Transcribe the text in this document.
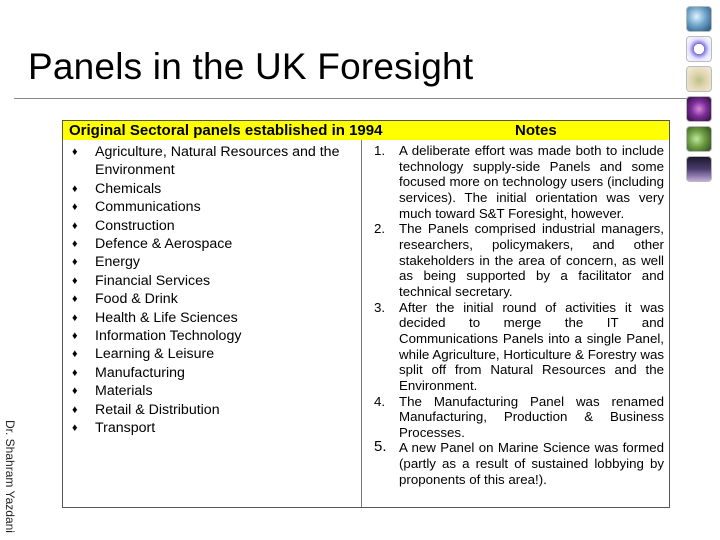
Panels in the UK Foresight
Dr. Shahram Yazdani
Original Sectoral panels established in 1994	Notes
♦ Agriculture, Natural Resources and the Environment
♦ Chemicals
♦ Communications
♦ Construction
♦ Defence & Aerospace
♦ Energy
♦ Financial Services
♦ Food & Drink
♦ Health & Life Sciences
♦ Information Technology
♦ Learning & Leisure
♦ Manufacturing
♦ Materials
♦ Retail & Distribution
♦ Transport
1. A deliberate effort was made both to include technology supply-side Panels and some focused more on technology users (including services). The initial orientation was very much toward S&T Foresight, however.
2. The Panels comprised industrial managers, researchers, policymakers, and other stakeholders in the area of concern, as well as being supported by a facilitator and technical secretary.
3. After the initial round of activities it was decided to merge the IT and Communications Panels into a single Panel, while Agriculture, Horticulture & Forestry was split off from Natural Resources and the Environment.
4. The Manufacturing Panel was renamed Manufacturing, Production & Business Processes.
5. A new Panel on Marine Science was formed (partly as a result of sustained lobbying by proponents of this area!).
